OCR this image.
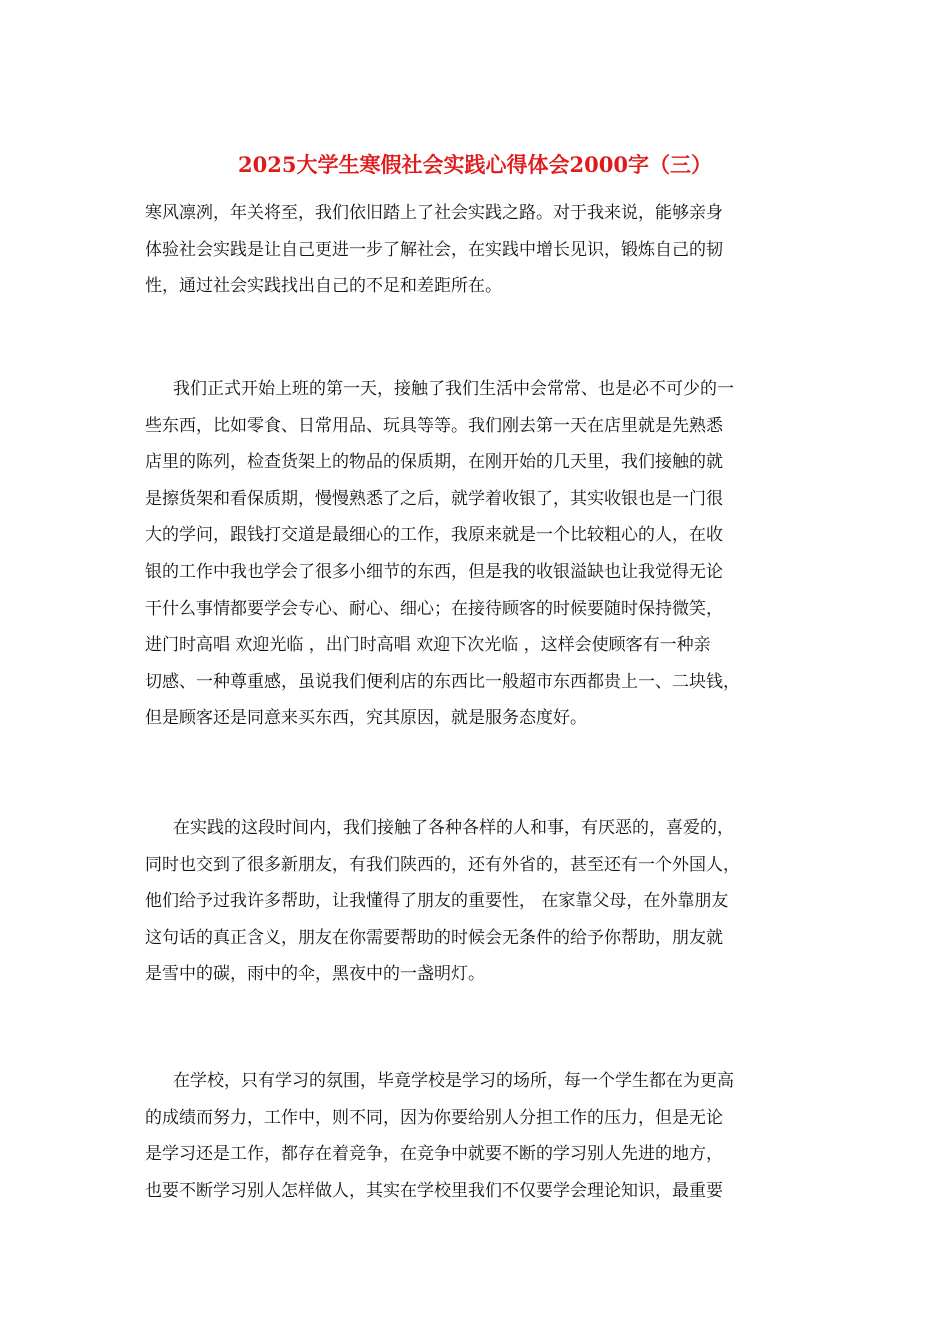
2025大学生寒假社会实践心得体会2000字（三）
寒风凛冽，年关将至，我们依旧踏上了社会实践之路。对于我来说，能够亲身
体验社会实践是让自己更进一步了解社会，在实践中增长见识，锻炼自己的韧
性，通过社会实践找出自己的不足和差距所在。
我们正式开始上班的第一天，接触了我们生活中会常常、也是必不可少的一
些东西，比如零食、日常用品、玩具等等。我们刚去第一天在店里就是先熟悉
店里的陈列，检查货架上的物品的保质期，在刚开始的几天里，我们接触的就
是擦货架和看保质期，慢慢熟悉了之后，就学着收银了，其实收银也是一门很
大的学问，跟钱打交道是最细心的工作，我原来就是一个比较粗心的人，在收
银的工作中我也学会了很多小细节的东西，但是我的收银溢缺也让我觉得无论
干什么事情都要学会专心、耐心、细心；在接待顾客的时候要随时保持微笑，
进门时高唱 欢迎光临 ，出门时高唱 欢迎下次光临 ，这样会使顾客有一种亲
切感、一种尊重感，虽说我们便利店的东西比一般超市东西都贵上一、二块钱，
但是顾客还是同意来买东西，究其原因，就是服务态度好。
在实践的这段时间内，我们接触了各种各样的人和事，有厌恶的，喜爱的，
同时也交到了很多新朋友，有我们陕西的，还有外省的，甚至还有一个外国人，
他们给予过我许多帮助，让我懂得了朋友的重要性， 在家靠父母，在外靠朋友
这句话的真正含义，朋友在你需要帮助的时候会无条件的给予你帮助，朋友就
是雪中的碳，雨中的伞，黑夜中的一盏明灯。
在学校，只有学习的氛围，毕竟学校是学习的场所，每一个学生都在为更高
的成绩而努力，工作中，则不同，因为你要给别人分担工作的压力，但是无论
是学习还是工作，都存在着竞争，在竞争中就要不断的学习别人先进的地方，
也要不断学习别人怎样做人，其实在学校里我们不仅要学会理论知识，最重要
